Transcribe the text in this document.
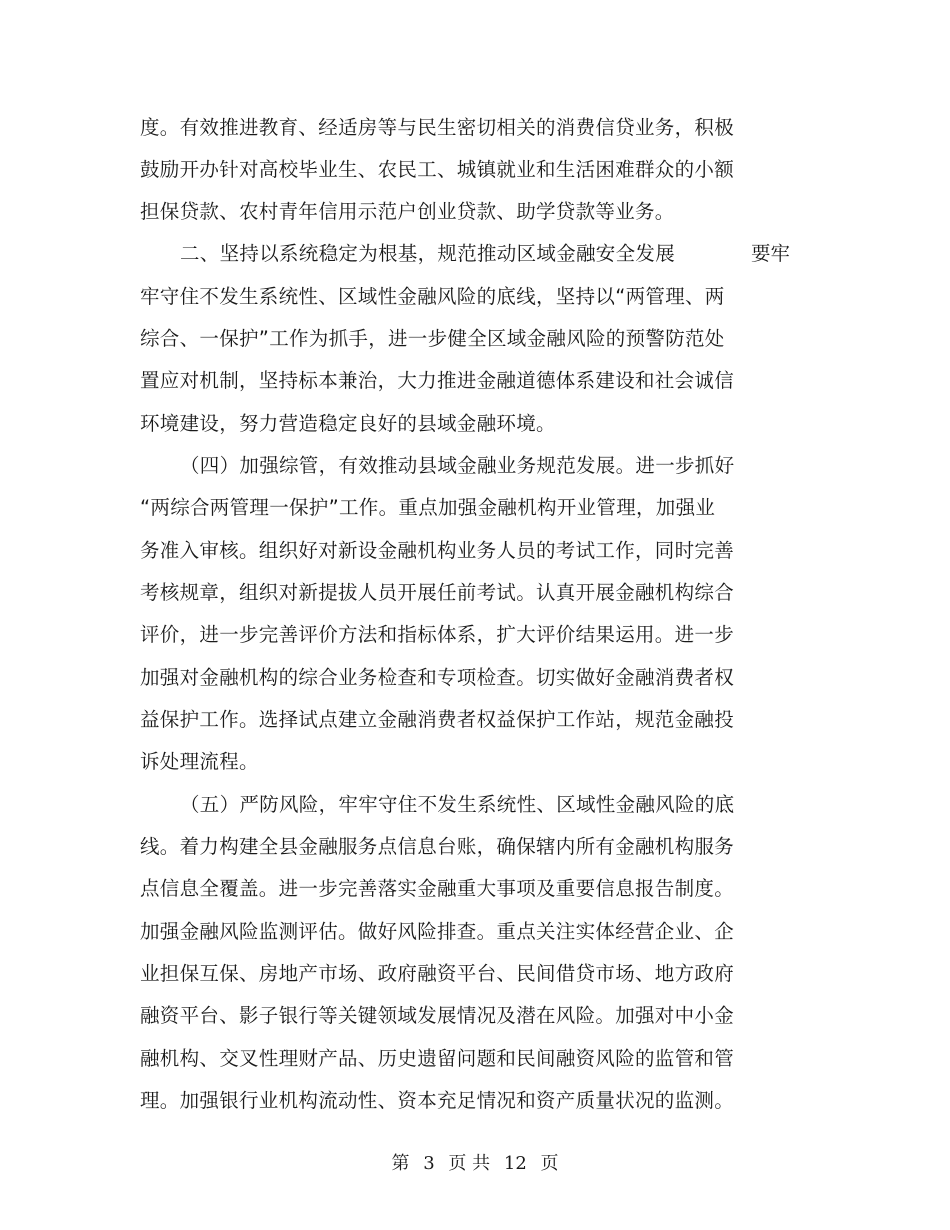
度。有效推进教育、经适房等与民生密切相关的消费信贷业务，积极
鼓励开办针对高校毕业生、农民工、城镇就业和生活困难群众的小额
担保贷款、农村青年信用示范户创业贷款、助学贷款等业务。
二、坚持以系统稳定为根基，规范推动区域金融安全发展	要牢
牢守住不发生系统性、区域性金融风险的底线，坚持以“两管理、两
综合、一保护”工作为抓手，进一步健全区域金融风险的预警防范处
置应对机制，坚持标本兼治，大力推进金融道德体系建设和社会诚信
环境建设，努力营造稳定良好的县域金融环境。
（四）加强综管，有效推动县域金融业务规范发展。进一步抓好
“两综合两管理一保护”工作。重点加强金融机构开业管理，加强业
务准入审核。组织好对新设金融机构业务人员的考试工作，同时完善
考核规章，组织对新提拔人员开展任前考试。认真开展金融机构综合
评价，进一步完善评价方法和指标体系，扩大评价结果运用。进一步
加强对金融机构的综合业务检查和专项检查。切实做好金融消费者权
益保护工作。选择试点建立金融消费者权益保护工作站，规范金融投
诉处理流程。
（五）严防风险，牢牢守住不发生系统性、区域性金融风险的底
线。着力构建全县金融服务点信息台账，确保辖内所有金融机构服务
点信息全覆盖。进一步完善落实金融重大事项及重要信息报告制度。
加强金融风险监测评估。做好风险排查。重点关注实体经营企业、企
业担保互保、房地产市场、政府融资平台、民间借贷市场、地方政府
融资平台、影子银行等关键领域发展情况及潜在风险。加强对中小金
融机构、交叉性理财产品、历史遗留问题和民间融资风险的监管和管
理。加强银行业机构流动性、资本充足情况和资产质量状况的监测。
第 3 页 共 12 页
